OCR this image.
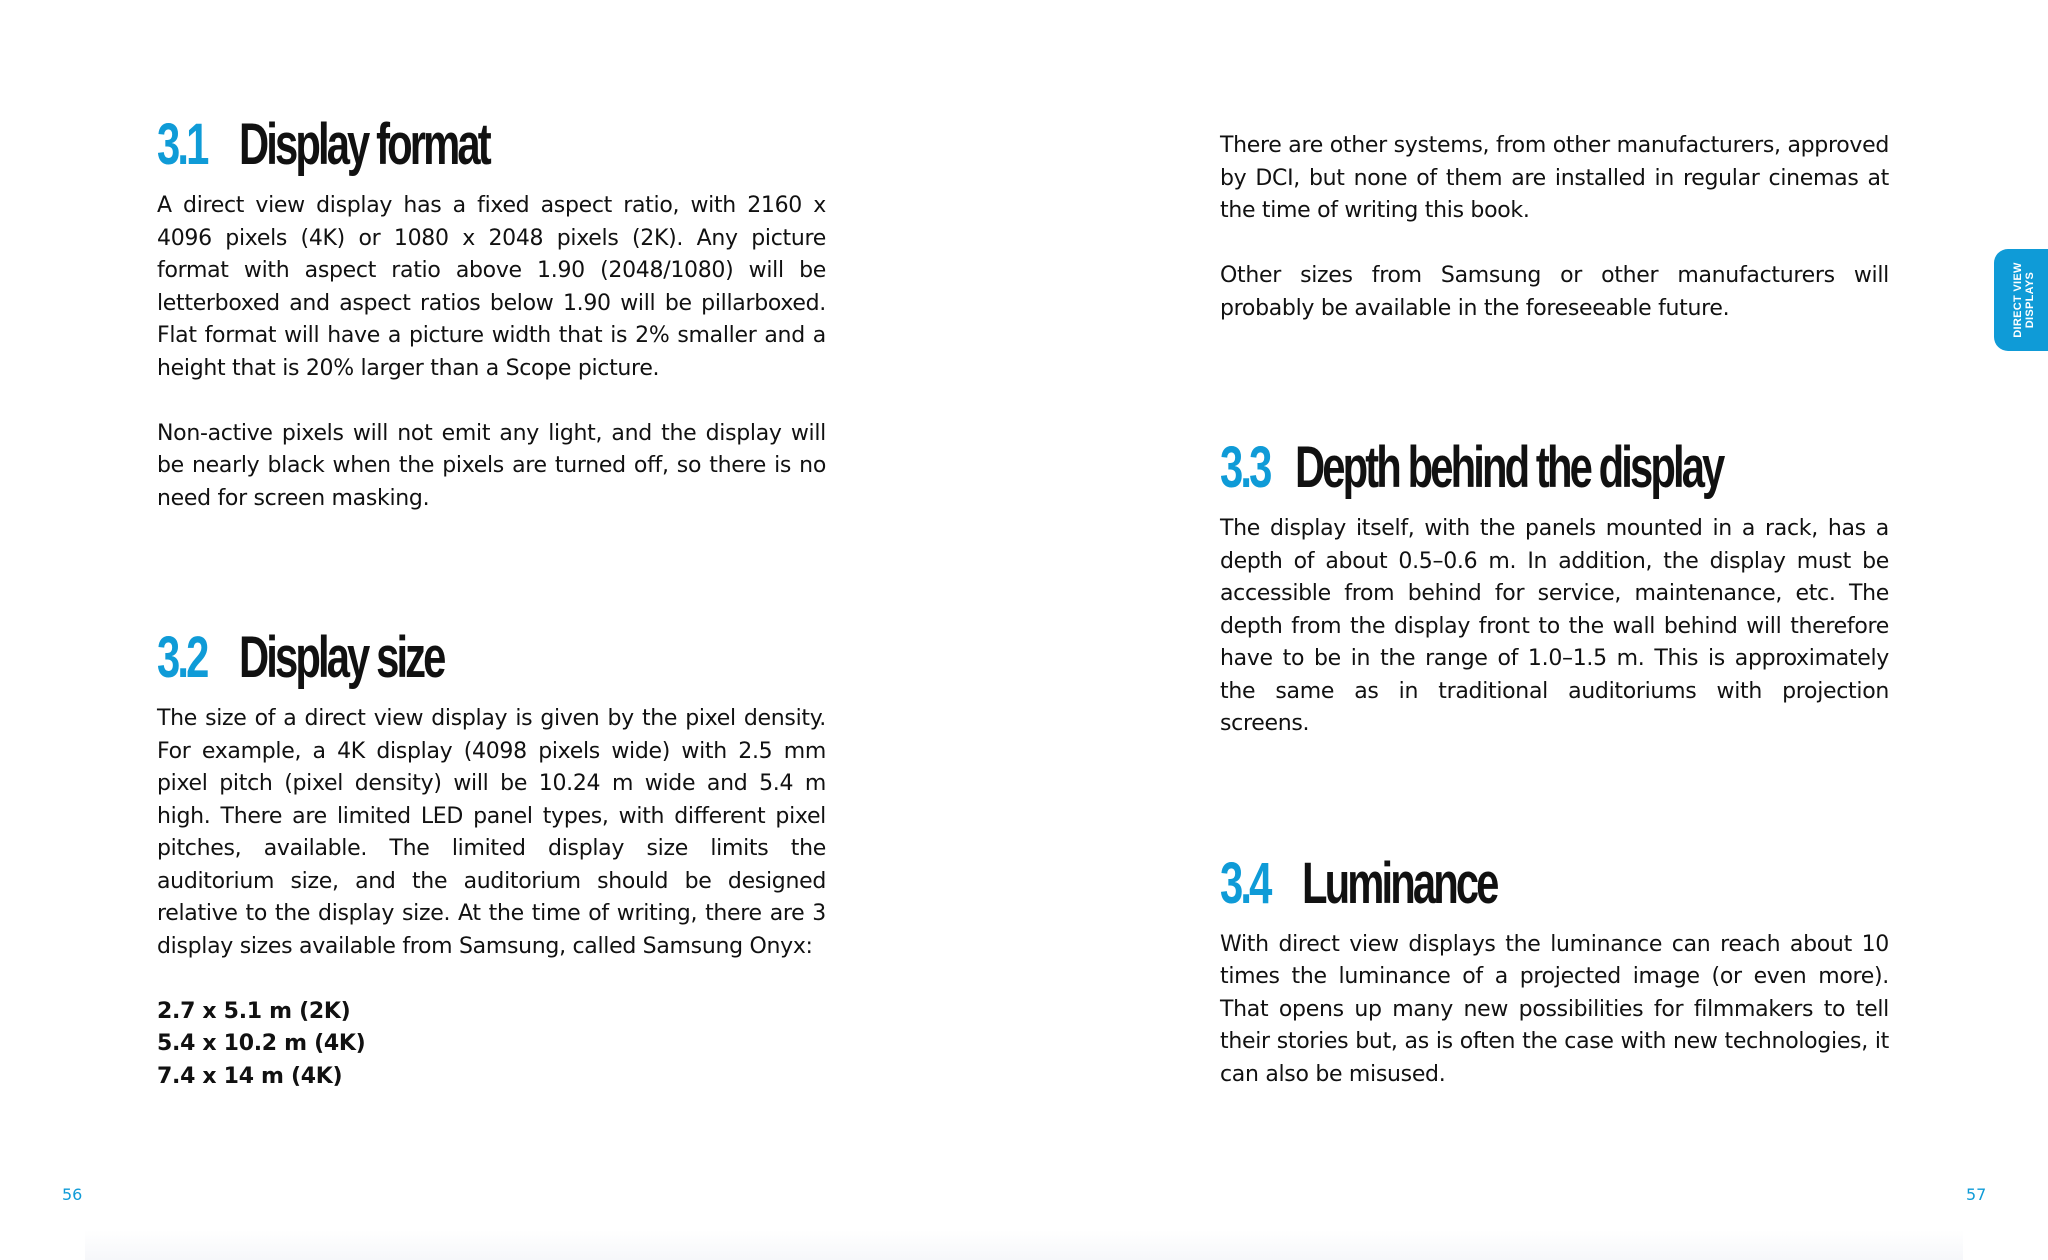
3.1 Display format

A direct view display has a fixed aspect ratio, with 2160 x 4096 pixels (4K) or 1080 x 2048 pixels (2K). Any picture format with aspect ratio above 1.90 (2048/1080) will be letterboxed and aspect ratios below 1.90 will be pillarboxed. Flat format will have a picture width that is 2% smaller and a height that is 20% larger than a Scope picture.

Non-active pixels will not emit any light, and the display will be nearly black when the pixels are turned off, so there is no need for screen masking.

3.2 Display size

The size of a direct view display is given by the pixel density. For example, a 4K display (4098 pixels wide) with 2.5 mm pixel pitch (pixel density) will be 10.24 m wide and 5.4 m high. There are limited LED panel types, with different pixel pitches, available. The limited display size limits the auditorium size, and the auditorium should be designed relative to the display size. At the time of writing, there are 3 display sizes available from Samsung, called Samsung Onyx:

2.7 x 5.1 m (2K)
5.4 x 10.2 m (4K)
7.4 x 14 m (4K)
56

There are other systems, from other manufacturers, approved by DCI, but none of them are installed in regular cinemas at the time of writing this book.

Other sizes from Samsung or other manufacturers will probably be available in the foreseeable future.

3.3 Depth behind the display

The display itself, with the panels mounted in a rack, has a depth of about 0.5–0.6 m. In addition, the display must be accessible from behind for service, maintenance, etc. The depth from the display front to the wall behind will therefore have to be in the range of 1.0–1.5 m. This is approximately the same as in traditional auditoriums with projection screens.

3.4 Luminance

With direct view displays the luminance can reach about 10 times the luminance of a projected image (or even more). That opens up many new possibilities for filmmakers to tell their stories but, as is often the case with new technologies, it can also be misused.

57
DIRECT VIEW DISPLAYS
